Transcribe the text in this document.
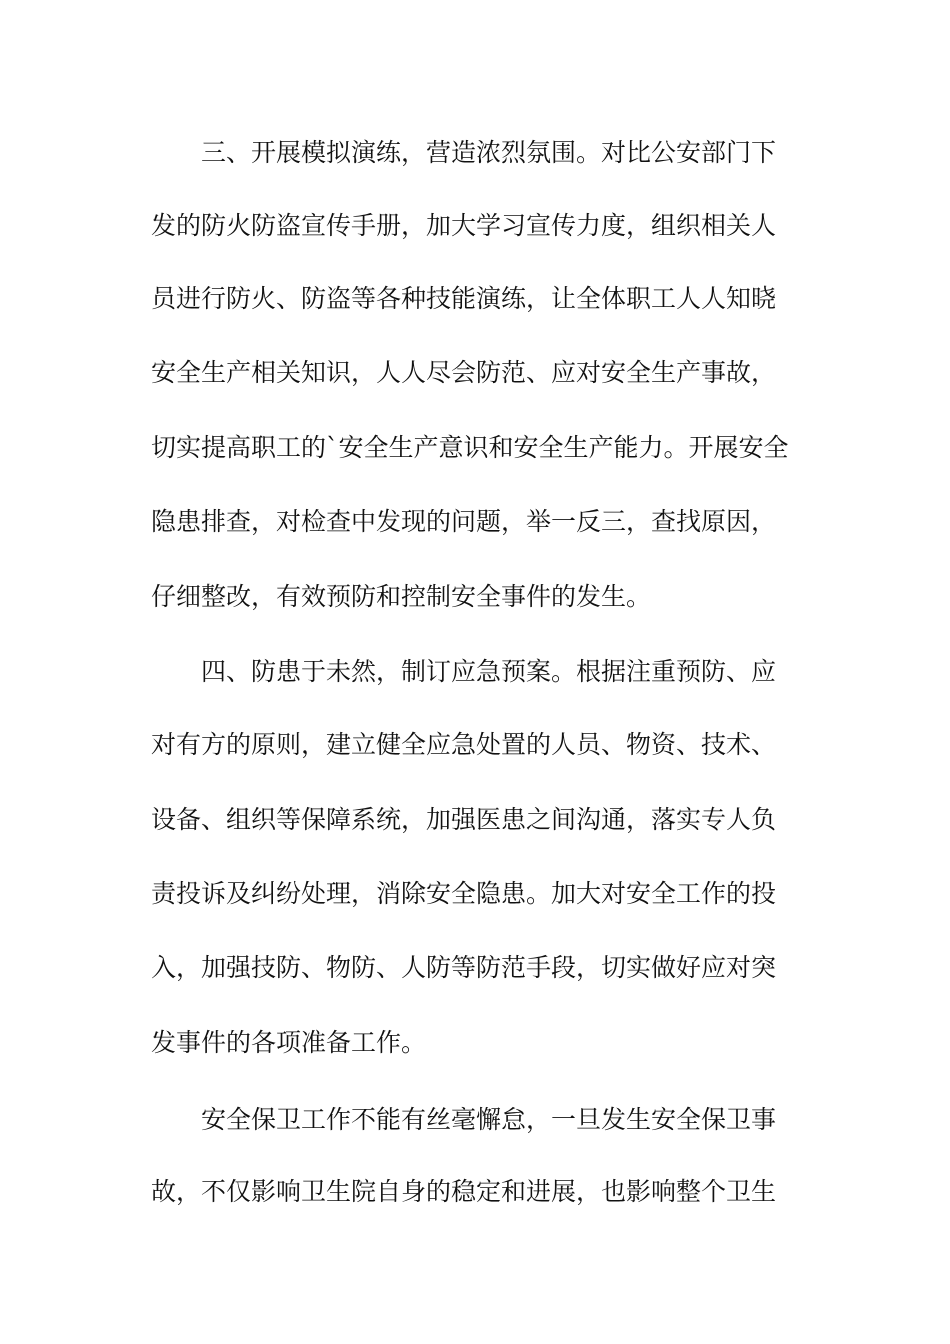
三、开展模拟演练，营造浓烈氛围。对比公安部门下
发的防火防盗宣传手册，加大学习宣传力度，组织相关人
员进行防火、防盗等各种技能演练，让全体职工人人知晓
安全生产相关知识，人人尽会防范、应对安全生产事故，
切实提高职工的`安全生产意识和安全生产能力。开展安全
隐患排查，对检查中发现的问题，举一反三，查找原因，
仔细整改，有效预防和控制安全事件的发生。
四、防患于未然，制订应急预案。根据注重预防、应
对有方的原则，建立健全应急处置的人员、物资、技术、
设备、组织等保障系统，加强医患之间沟通，落实专人负
责投诉及纠纷处理，消除安全隐患。加大对安全工作的投
入，加强技防、物防、人防等防范手段，切实做好应对突
发事件的各项准备工作。
安全保卫工作不能有丝毫懈怠，一旦发生安全保卫事
故，不仅影响卫生院自身的稳定和进展，也影响整个卫生
